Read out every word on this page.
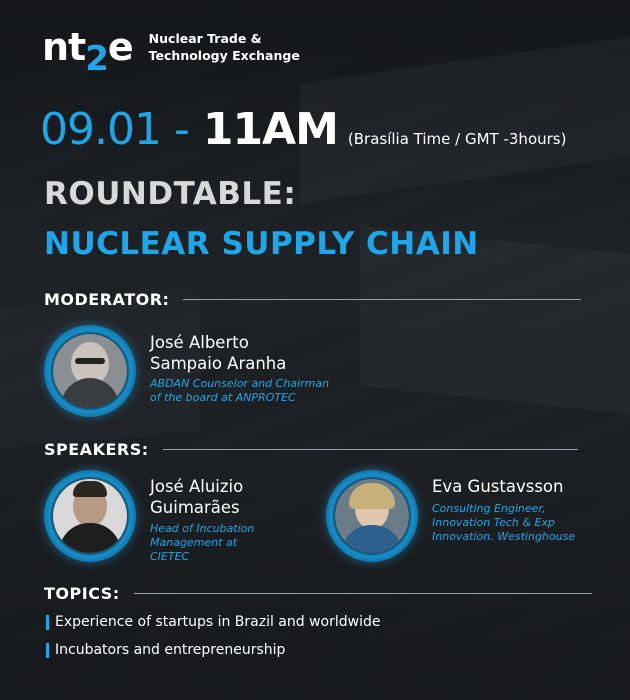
nt2e Nuclear Trade &
Technology Exchange
09.01 - 11AM (Brasília Time / GMT -3hours)
ROUNDTABLE:
NUCLEAR SUPPLY CHAIN
MODERATOR:
José Alberto
Sampaio Aranha
ABDAN Counselor and Chairman
of the board at ANPROTEC
SPEAKERS:
José Aluizio
Guimarães
Head of Incubation
Management at
CIETEC
Eva Gustavsson
Consulting Engineer,
Innovation Tech & Exp
Innovation. Westinghouse
TOPICS:
Experience of startups in Brazil and worldwide
Incubators and entrepreneurship
